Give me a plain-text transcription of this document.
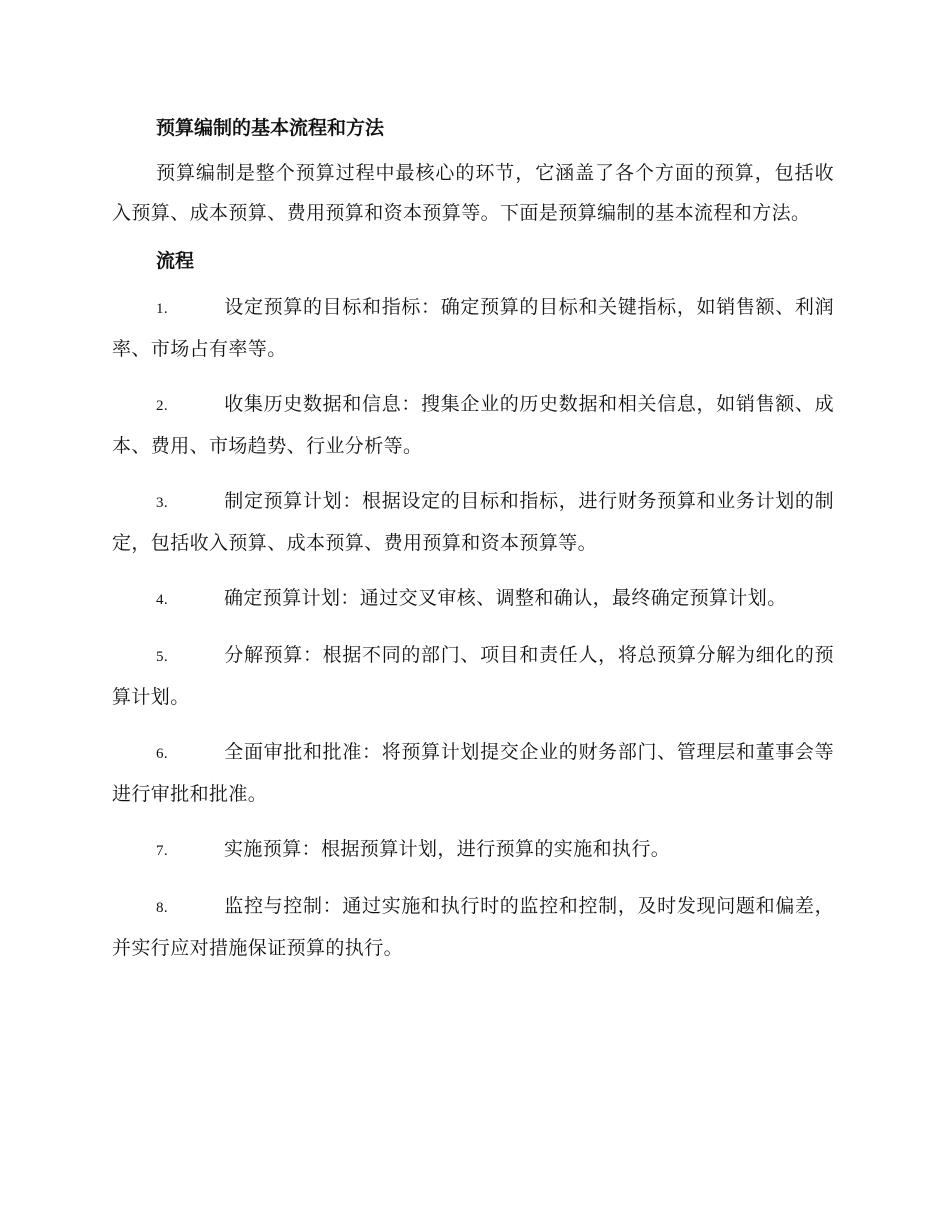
预算编制的基本流程和方法

预算编制是整个预算过程中最核心的环节，它涵盖了各个方面的预算，包括收入预算、成本预算、费用预算和资本预算等。下面是预算编制的基本流程和方法。

流程
1.	设定预算的目标和指标：确定预算的目标和关键指标，如销售额、利润率、市场占有率等。
2.	收集历史数据和信息：搜集企业的历史数据和相关信息，如销售额、成本、费用、市场趋势、行业分析等。
3.	制定预算计划：根据设定的目标和指标，进行财务预算和业务计划的制定，包括收入预算、成本预算、费用预算和资本预算等。
4.	确定预算计划：通过交叉审核、调整和确认，最终确定预算计划。
5.	分解预算：根据不同的部门、项目和责任人，将总预算分解为细化的预算计划。
6.	全面审批和批准：将预算计划提交企业的财务部门、管理层和董事会等进行审批和批准。
7.	实施预算：根据预算计划，进行预算的实施和执行。
8.	监控与控制：通过实施和执行时的监控和控制，及时发现问题和偏差，并实行应对措施保证预算的执行。
